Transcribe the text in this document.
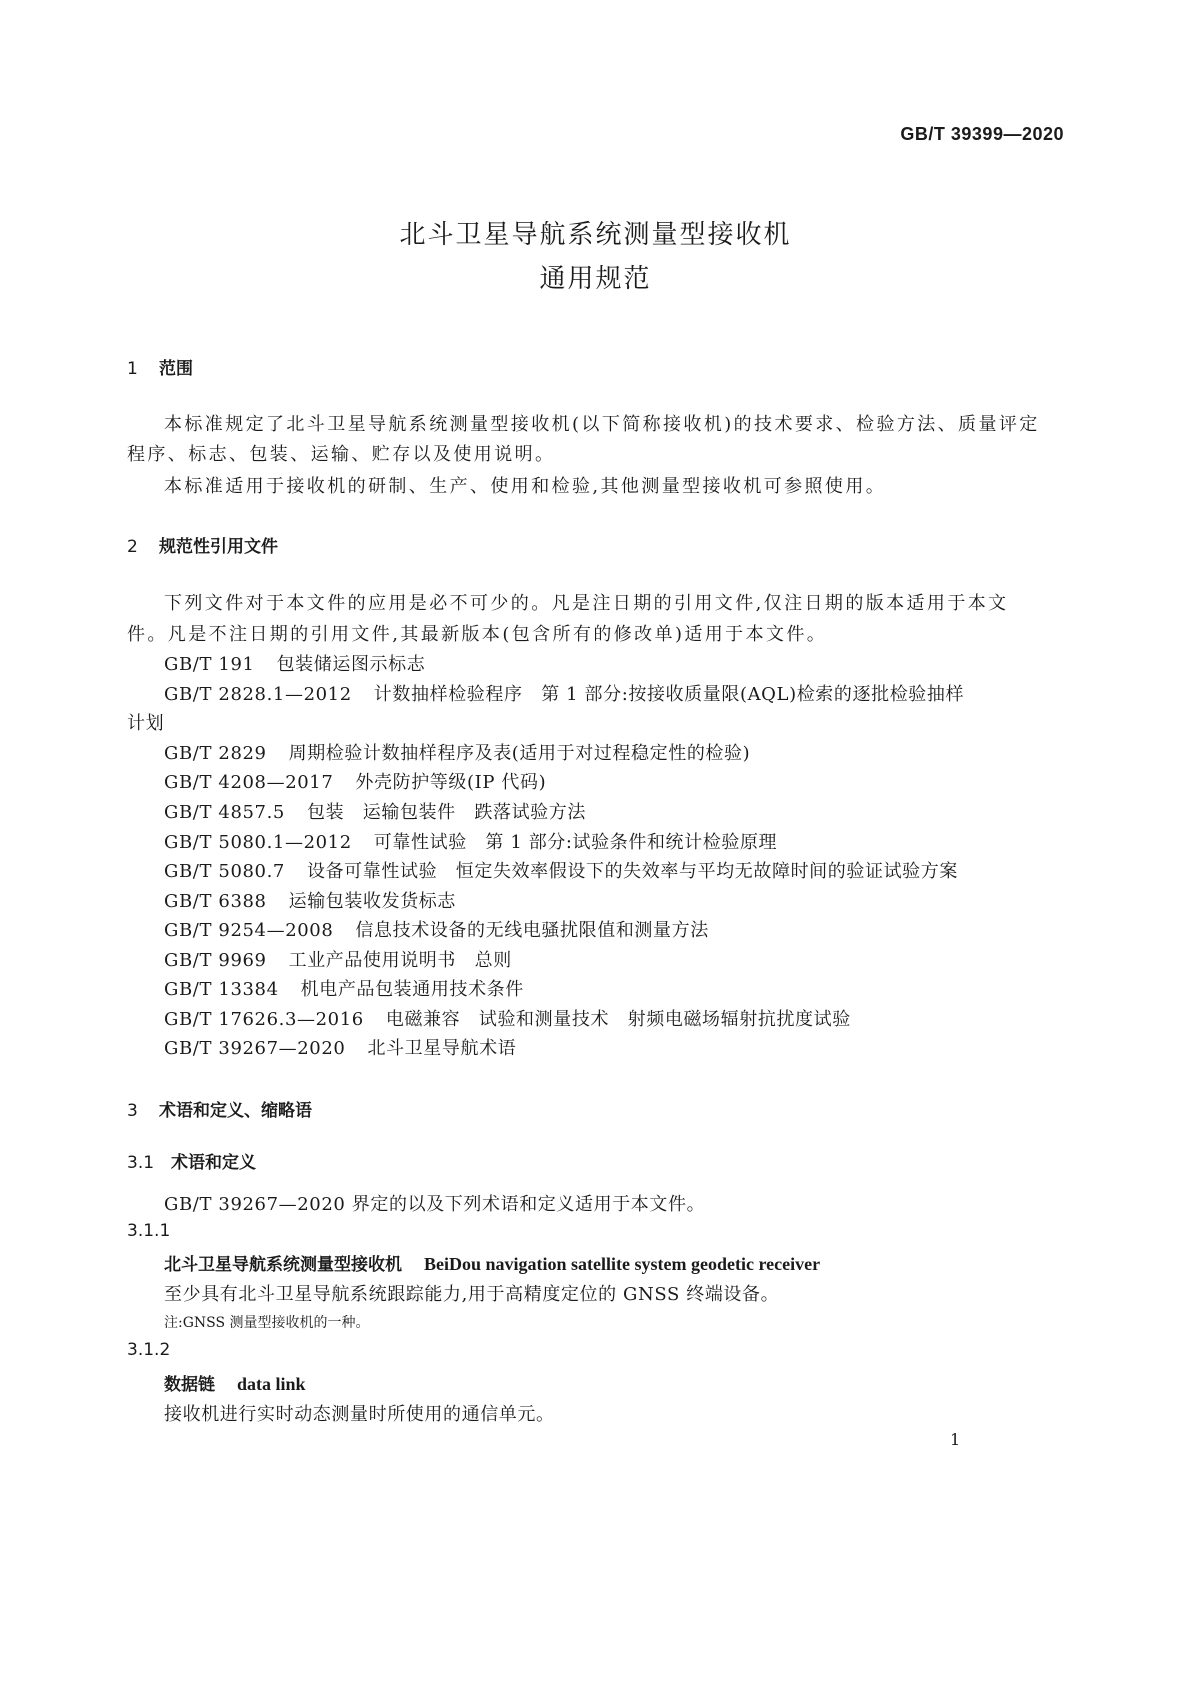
GB/T 39399—2020
北斗卫星导航系统测量型接收机
通用规范
1 范围
本标准规定了北斗卫星导航系统测量型接收机(以下简称接收机)的技术要求、检验方法、质量评定
程序、标志、包装、运输、贮存以及使用说明。
本标准适用于接收机的研制、生产、使用和检验,其他测量型接收机可参照使用。
2 规范性引用文件
下列文件对于本文件的应用是必不可少的。凡是注日期的引用文件,仅注日期的版本适用于本文
件。凡是不注日期的引用文件,其最新版本(包含所有的修改单)适用于本文件。
GB/T 191 包装储运图示标志
GB/T 2828.1—2012 计数抽样检验程序　第 1 部分:按接收质量限(AQL)检索的逐批检验抽样
计划
GB/T 2829 周期检验计数抽样程序及表(适用于对过程稳定性的检验)
GB/T 4208—2017 外壳防护等级(IP 代码)
GB/T 4857.5 包装　运输包装件　跌落试验方法
GB/T 5080.1—2012 可靠性试验　第 1 部分:试验条件和统计检验原理
GB/T 5080.7 设备可靠性试验　恒定失效率假设下的失效率与平均无故障时间的验证试验方案
GB/T 6388 运输包装收发货标志
GB/T 9254—2008 信息技术设备的无线电骚扰限值和测量方法
GB/T 9969 工业产品使用说明书　总则
GB/T 13384 机电产品包装通用技术条件
GB/T 17626.3—2016 电磁兼容　试验和测量技术　射频电磁场辐射抗扰度试验
GB/T 39267—2020 北斗卫星导航术语
3 术语和定义、缩略语
3.1 术语和定义
GB/T 39267—2020 界定的以及下列术语和定义适用于本文件。
3.1.1
北斗卫星导航系统测量型接收机 BeiDou navigation satellite system geodetic receiver
至少具有北斗卫星导航系统跟踪能力,用于高精度定位的 GNSS 终端设备。
注:GNSS 测量型接收机的一种。
3.1.2
数据链 data link
接收机进行实时动态测量时所使用的通信单元。
1
